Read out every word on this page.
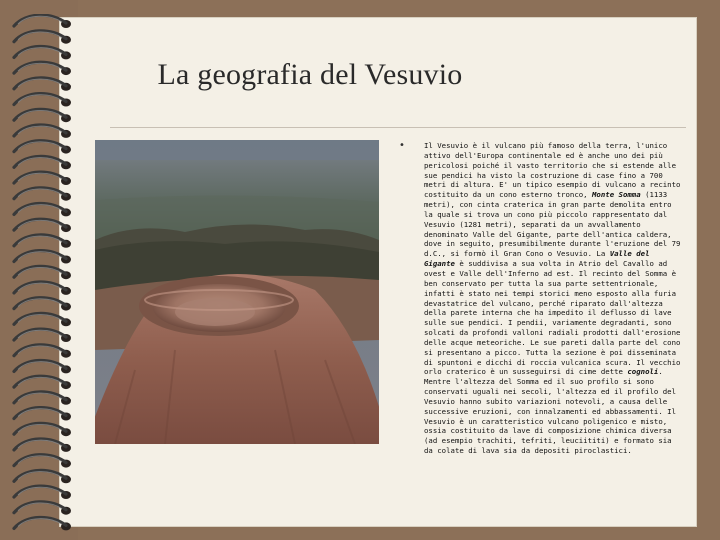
La geografia del Vesuvio
•	Il Vesuvio è il vulcano più famoso della terra, l'unico attivo dell'Europa continentale ed è anche uno dei più pericolosi poiché il vasto territorio che si estende alle sue pendici ha visto la costruzione di case fino a 700 metri di altura. E' un tipico esempio di vulcano a recinto costituito da un cono esterno tronco, Monte Somma (1133 metri), con cinta craterica in gran parte demolita entro la quale si trova un cono più piccolo rappresentato dal Vesuvio (1281 metri), separati da un avvallamento denominato Valle del Gigante, parte dell'antica caldera, dove in seguito, presumibilmente durante l'eruzione del 79 d.C., si formò il Gran Cono o Vesuvio. La Valle del Gigante è suddivisa a sua volta in Atrio del Cavallo ad ovest e Valle dell'Inferno ad est. Il recinto del Somma è ben conservato per tutta la sua parte settentrionale, infatti è stato nei tempi storici meno esposto alla furia devastatrice del vulcano, perché riparato dall'altezza della parete interna che ha impedito il deflusso di lave sulle sue pendici. I pendii, variamente degradanti, sono solcati da profondi valloni radiali prodotti dall'erosione delle acque meteoriche. Le sue pareti dalla parte del cono si presentano a picco. Tutta la sezione è poi disseminata di spuntoni e dicchi di roccia vulcanica scura. Il vecchio orlo craterico è un susseguirsi di cime dette cognoli. Mentre l'altezza del Somma ed il suo profilo si sono conservati uguali nei secoli, l'altezza ed il profilo del Vesuvio hanno subito variazioni notevoli, a causa delle successive eruzioni, con innalzamenti ed abbassamenti. Il Vesuvio è un caratteristico vulcano poligenico e misto, ossia costituito da lave di composizione chimica diversa (ad esempio trachiti, tefriti, leuciititi) e formato sia da colate di lava sia da depositi piroclastici.
